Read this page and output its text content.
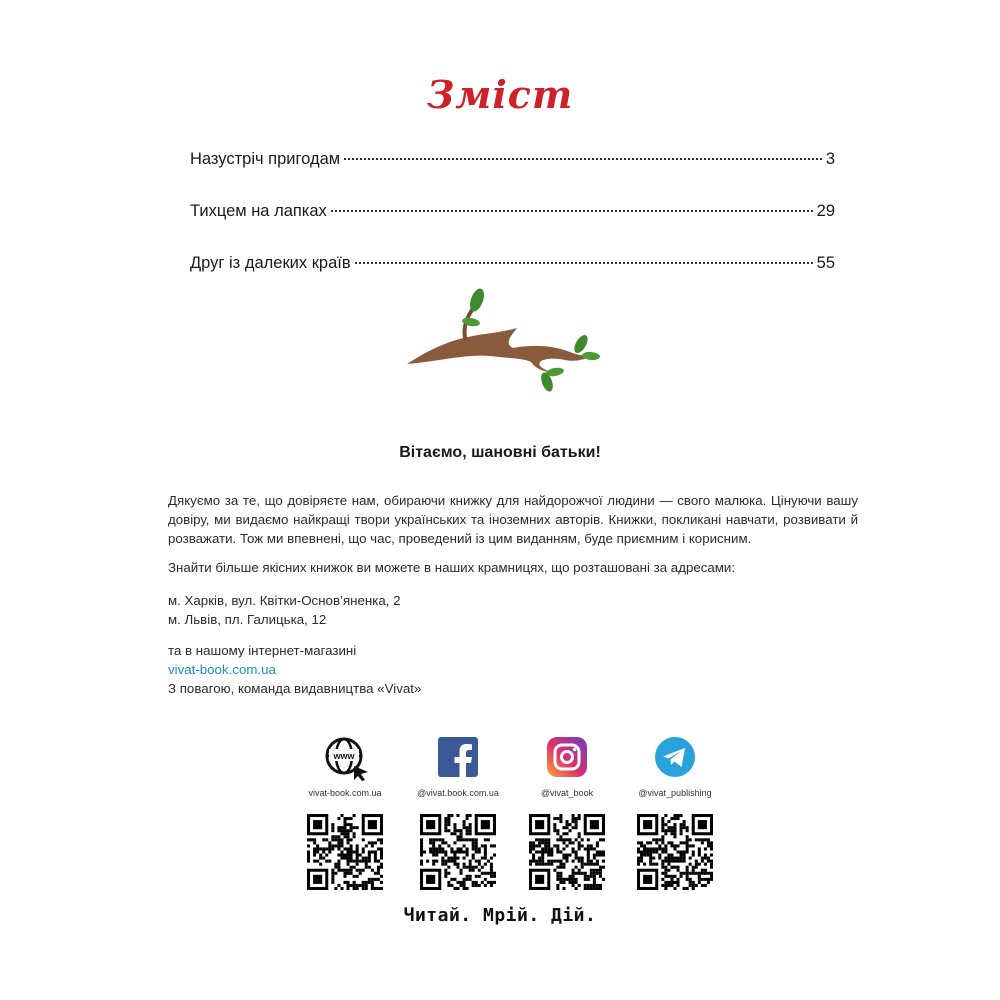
Зміст
Назустріч пригодам	3
Тихцем на лапках	29
Друг із далеких країв	55
Вітаємо, шановні батьки!
Дякуємо за те, що довіряєте нам, обираючи книжку для найдорожчої людини — свого малюка. Цінуючи вашу довіру, ми видаємо найкращі твори українських та іноземних авторів. Книжки, покликані навчати, розвивати й розважати. Тож ми впевнені, що час, проведений із цим виданням, буде приємним і корисним.
Знайти більше якісних книжок ви можете в наших крамницях, що розташовані за адресами:
м. Харків, вул. Квітки-Основ’яненка, 2
м. Львів, пл. Галицька, 12
та в нашому інтернет-магазині
vivat-book.com.ua
З повагою, команда видавництва «Vivat»
www
vivat-book.com.ua	@vivat.book.com.ua	@vivat_book	@vivat_publishing
Читай. Мрій. Дій.
